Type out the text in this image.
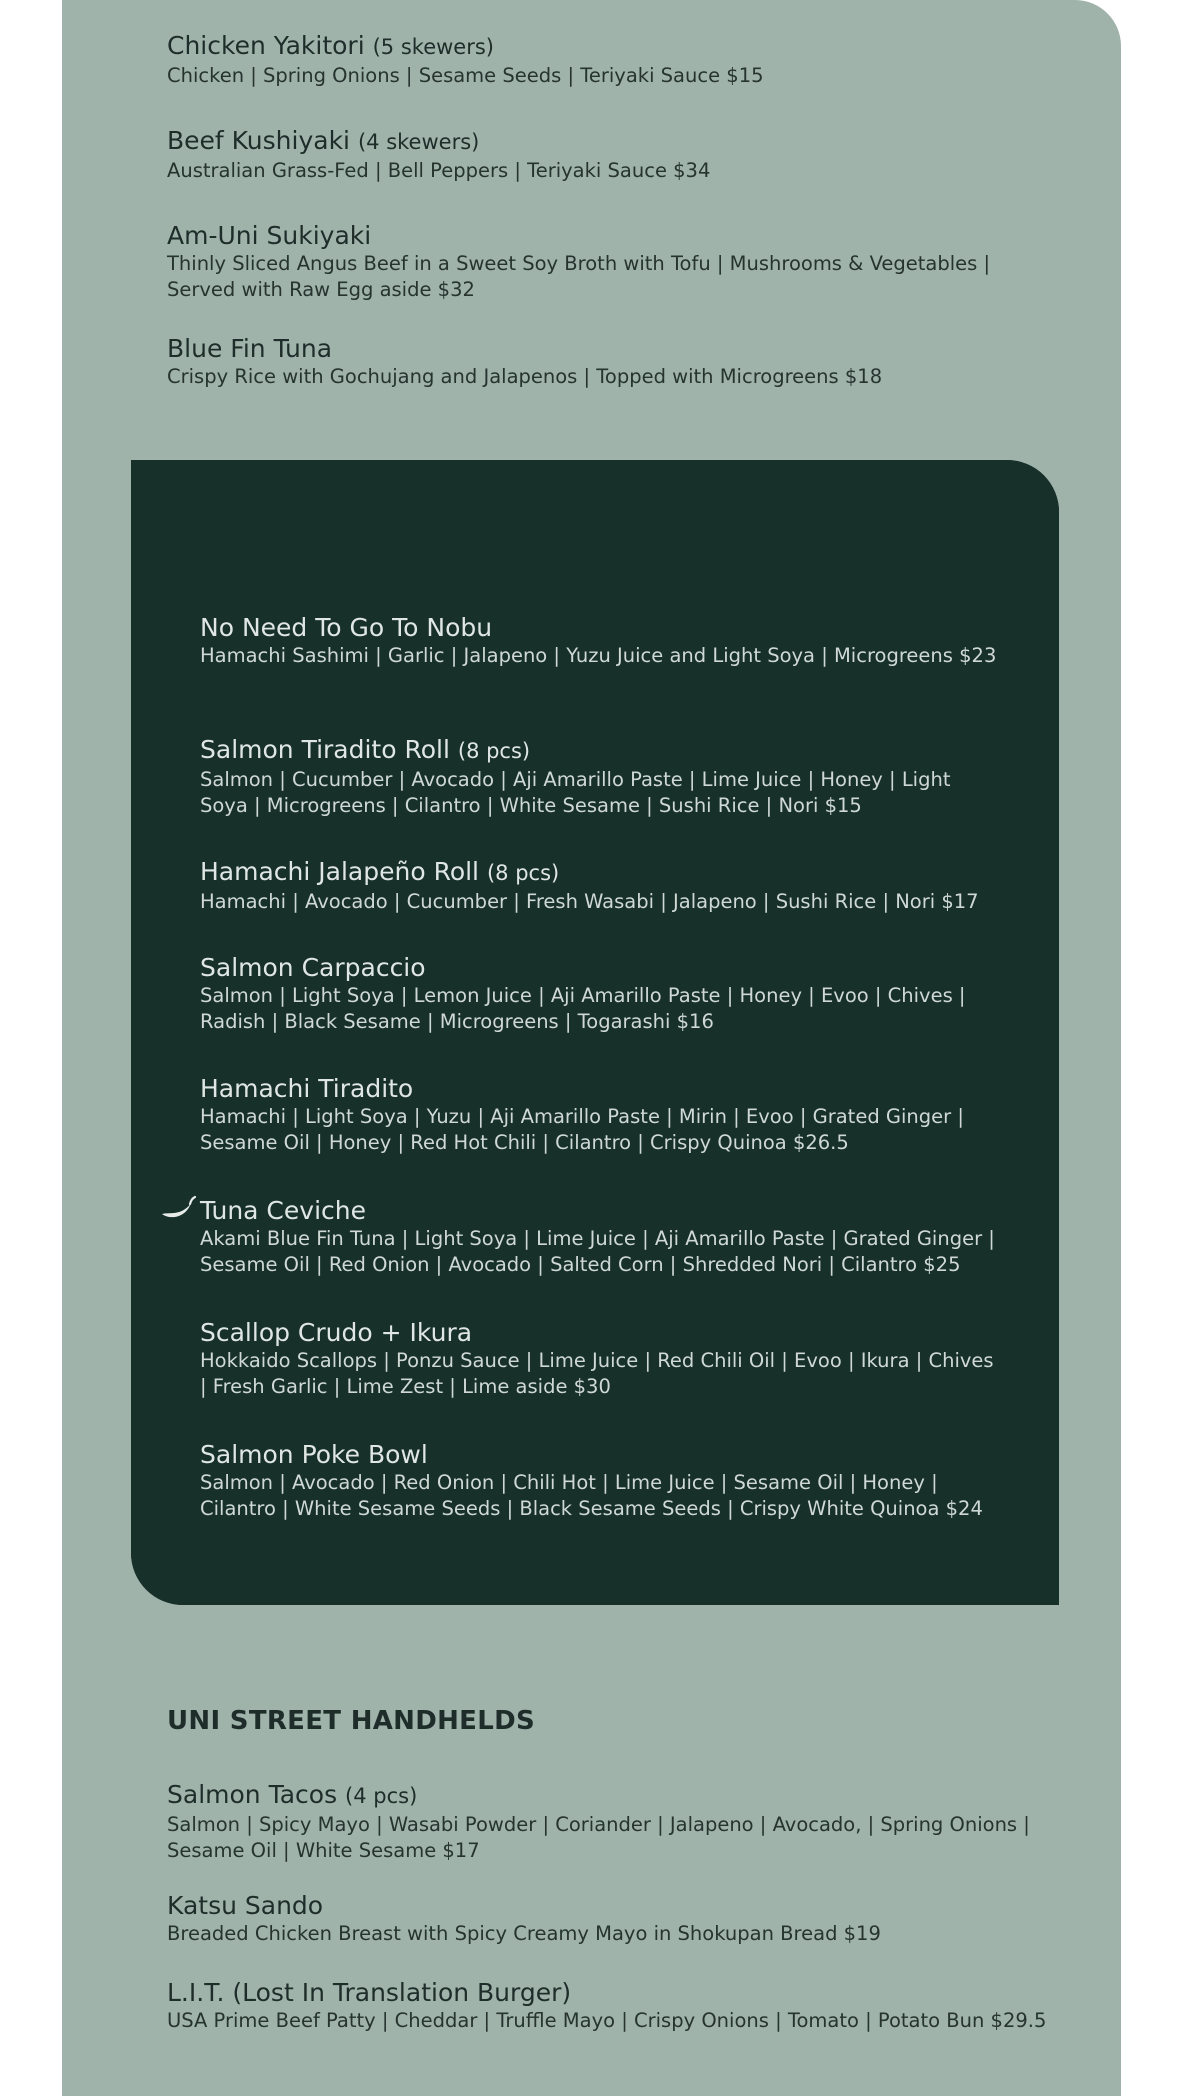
Chicken Yakitori (5 skewers)
Chicken | Spring Onions | Sesame Seeds | Teriyaki Sauce $15
Beef Kushiyaki (4 skewers)
Australian Grass-Fed | Bell Peppers | Teriyaki Sauce $34
Am-Uni Sukiyaki
Thinly Sliced Angus Beef in a Sweet Soy Broth with Tofu | Mushrooms & Vegetables | Served with Raw Egg aside $32
Blue Fin Tuna
Crispy Rice with Gochujang and Jalapenos | Topped with Microgreens $18
No Need To Go To Nobu
Hamachi Sashimi | Garlic | Jalapeno | Yuzu Juice and Light Soya | Microgreens $23
Salmon Tiradito Roll (8 pcs)
Salmon | Cucumber | Avocado | Aji Amarillo Paste | Lime Juice | Honey | Light Soya | Microgreens | Cilantro | White Sesame | Sushi Rice | Nori $15
Hamachi Jalapeño Roll (8 pcs)
Hamachi | Avocado | Cucumber | Fresh Wasabi | Jalapeno | Sushi Rice | Nori $17
Salmon Carpaccio
Salmon | Light Soya | Lemon Juice | Aji Amarillo Paste | Honey | Evoo | Chives | Radish | Black Sesame | Microgreens | Togarashi $16
Hamachi Tiradito
Hamachi | Light Soya | Yuzu | Aji Amarillo Paste | Mirin | Evoo | Grated Ginger | Sesame Oil | Honey | Red Hot Chili | Cilantro | Crispy Quinoa $26.5
Tuna Ceviche
Akami Blue Fin Tuna | Light Soya | Lime Juice | Aji Amarillo Paste | Grated Ginger | Sesame Oil | Red Onion | Avocado | Salted Corn | Shredded Nori | Cilantro $25
Scallop Crudo + Ikura
Hokkaido Scallops | Ponzu Sauce | Lime Juice | Red Chili Oil | Evoo | Ikura | Chives | Fresh Garlic | Lime Zest | Lime aside $30
Salmon Poke Bowl
Salmon | Avocado | Red Onion | Chili Hot | Lime Juice | Sesame Oil | Honey | Cilantro | White Sesame Seeds | Black Sesame Seeds | Crispy White Quinoa $24
UNI STREET HANDHELDS
Salmon Tacos (4 pcs)
Salmon | Spicy Mayo | Wasabi Powder | Coriander | Jalapeno | Avocado, | Spring Onions | Sesame Oil | White Sesame $17
Katsu Sando
Breaded Chicken Breast with Spicy Creamy Mayo in Shokupan Bread $19
L.I.T. (Lost In Translation Burger)
USA Prime Beef Patty | Cheddar | Truffle Mayo | Crispy Onions | Tomato | Potato Bun $29.5
